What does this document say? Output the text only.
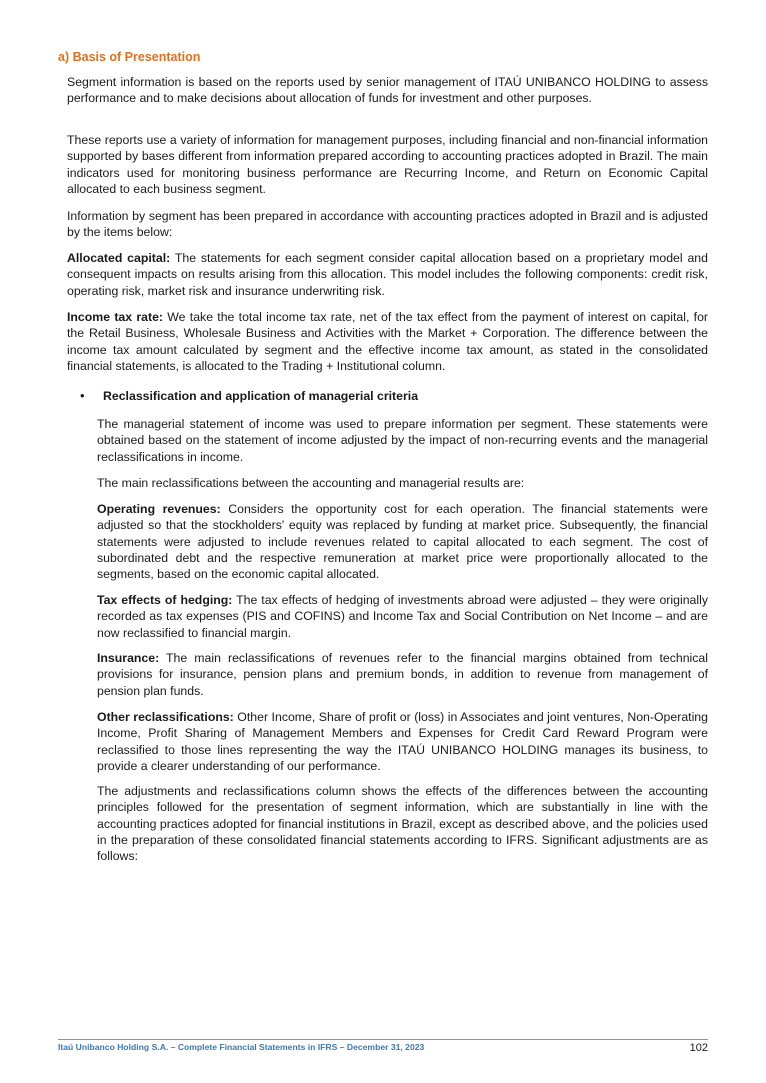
a) Basis of Presentation

Segment information is based on the reports used by senior management of ITAÚ UNIBANCO HOLDING to assess performance and to make decisions about allocation of funds for investment and other purposes.

These reports use a variety of information for management purposes, including financial and non-financial information supported by bases different from information prepared according to accounting practices adopted in Brazil. The main indicators used for monitoring business performance are Recurring Income, and Return on Economic Capital allocated to each business segment.

Information by segment has been prepared in accordance with accounting practices adopted in Brazil and is adjusted by the items below:

Allocated capital: The statements for each segment consider capital allocation based on a proprietary model and consequent impacts on results arising from this allocation. This model includes the following components: credit risk, operating risk, market risk and insurance underwriting risk.

Income tax rate: We take the total income tax rate, net of the tax effect from the payment of interest on capital, for the Retail Business, Wholesale Business and Activities with the Market + Corporation. The difference between the income tax amount calculated by segment and the effective income tax amount, as stated in the consolidated financial statements, is allocated to the Trading + Institutional column.

• Reclassification and application of managerial criteria

The managerial statement of income was used to prepare information per segment. These statements were obtained based on the statement of income adjusted by the impact of non-recurring events and the managerial reclassifications in income.

The main reclassifications between the accounting and managerial results are:

Operating revenues: Considers the opportunity cost for each operation. The financial statements were adjusted so that the stockholders' equity was replaced by funding at market price. Subsequently, the financial statements were adjusted to include revenues related to capital allocated to each segment. The cost of subordinated debt and the respective remuneration at market price were proportionally allocated to the segments, based on the economic capital allocated.

Tax effects of hedging: The tax effects of hedging of investments abroad were adjusted – they were originally recorded as tax expenses (PIS and COFINS) and Income Tax and Social Contribution on Net Income – and are now reclassified to financial margin.

Insurance: The main reclassifications of revenues refer to the financial margins obtained from technical provisions for insurance, pension plans and premium bonds, in addition to revenue from management of pension plan funds.

Other reclassifications: Other Income, Share of profit or (loss) in Associates and joint ventures, Non-Operating Income, Profit Sharing of Management Members and Expenses for Credit Card Reward Program were reclassified to those lines representing the way the ITAÚ UNIBANCO HOLDING manages its business, to provide a clearer understanding of our performance.

The adjustments and reclassifications column shows the effects of the differences between the accounting principles followed for the presentation of segment information, which are substantially in line with the accounting practices adopted for financial institutions in Brazil, except as described above, and the policies used in the preparation of these consolidated financial statements according to IFRS. Significant adjustments are as follows:

Itaú Unibanco Holding S.A. – Complete Financial Statements in IFRS – December 31, 2023	102
